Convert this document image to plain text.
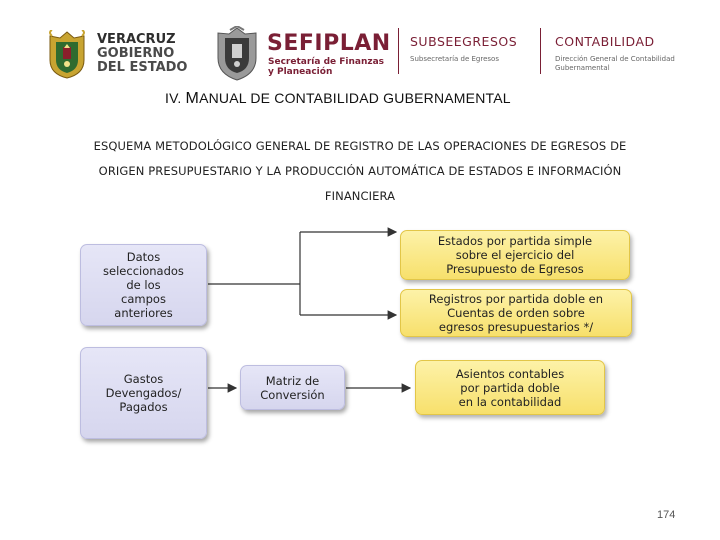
VERACRUZ
GOBIERNO
DEL ESTADO
SEFIPLAN
Secretaría de Finanzas
y Planeación
SUBSEEGRESOS
Subsecretaría de Egresos
CONTABILIDAD
Dirección General de Contabilidad
Gubernamental
IV. MANUAL DE CONTABILIDAD GUBERNAMENTAL
ESQUEMA METODOLÓGICO GENERAL DE REGISTRO DE LAS OPERACIONES DE EGRESOS DE
ORIGEN PRESUPUESTARIO Y LA PRODUCCIÓN AUTOMÁTICA DE ESTADOS E INFORMACIÓN
FINANCIERA
Datos
seleccionados
de los
campos
anteriores
Gastos
Devengados/
Pagados
Matriz de
Conversión
Estados por partida simple
sobre el ejercicio del
Presupuesto de Egresos
Registros por partida doble en
Cuentas de orden sobre
egresos presupuestarios */
Asientos contables
por partida doble
en la contabilidad
174
